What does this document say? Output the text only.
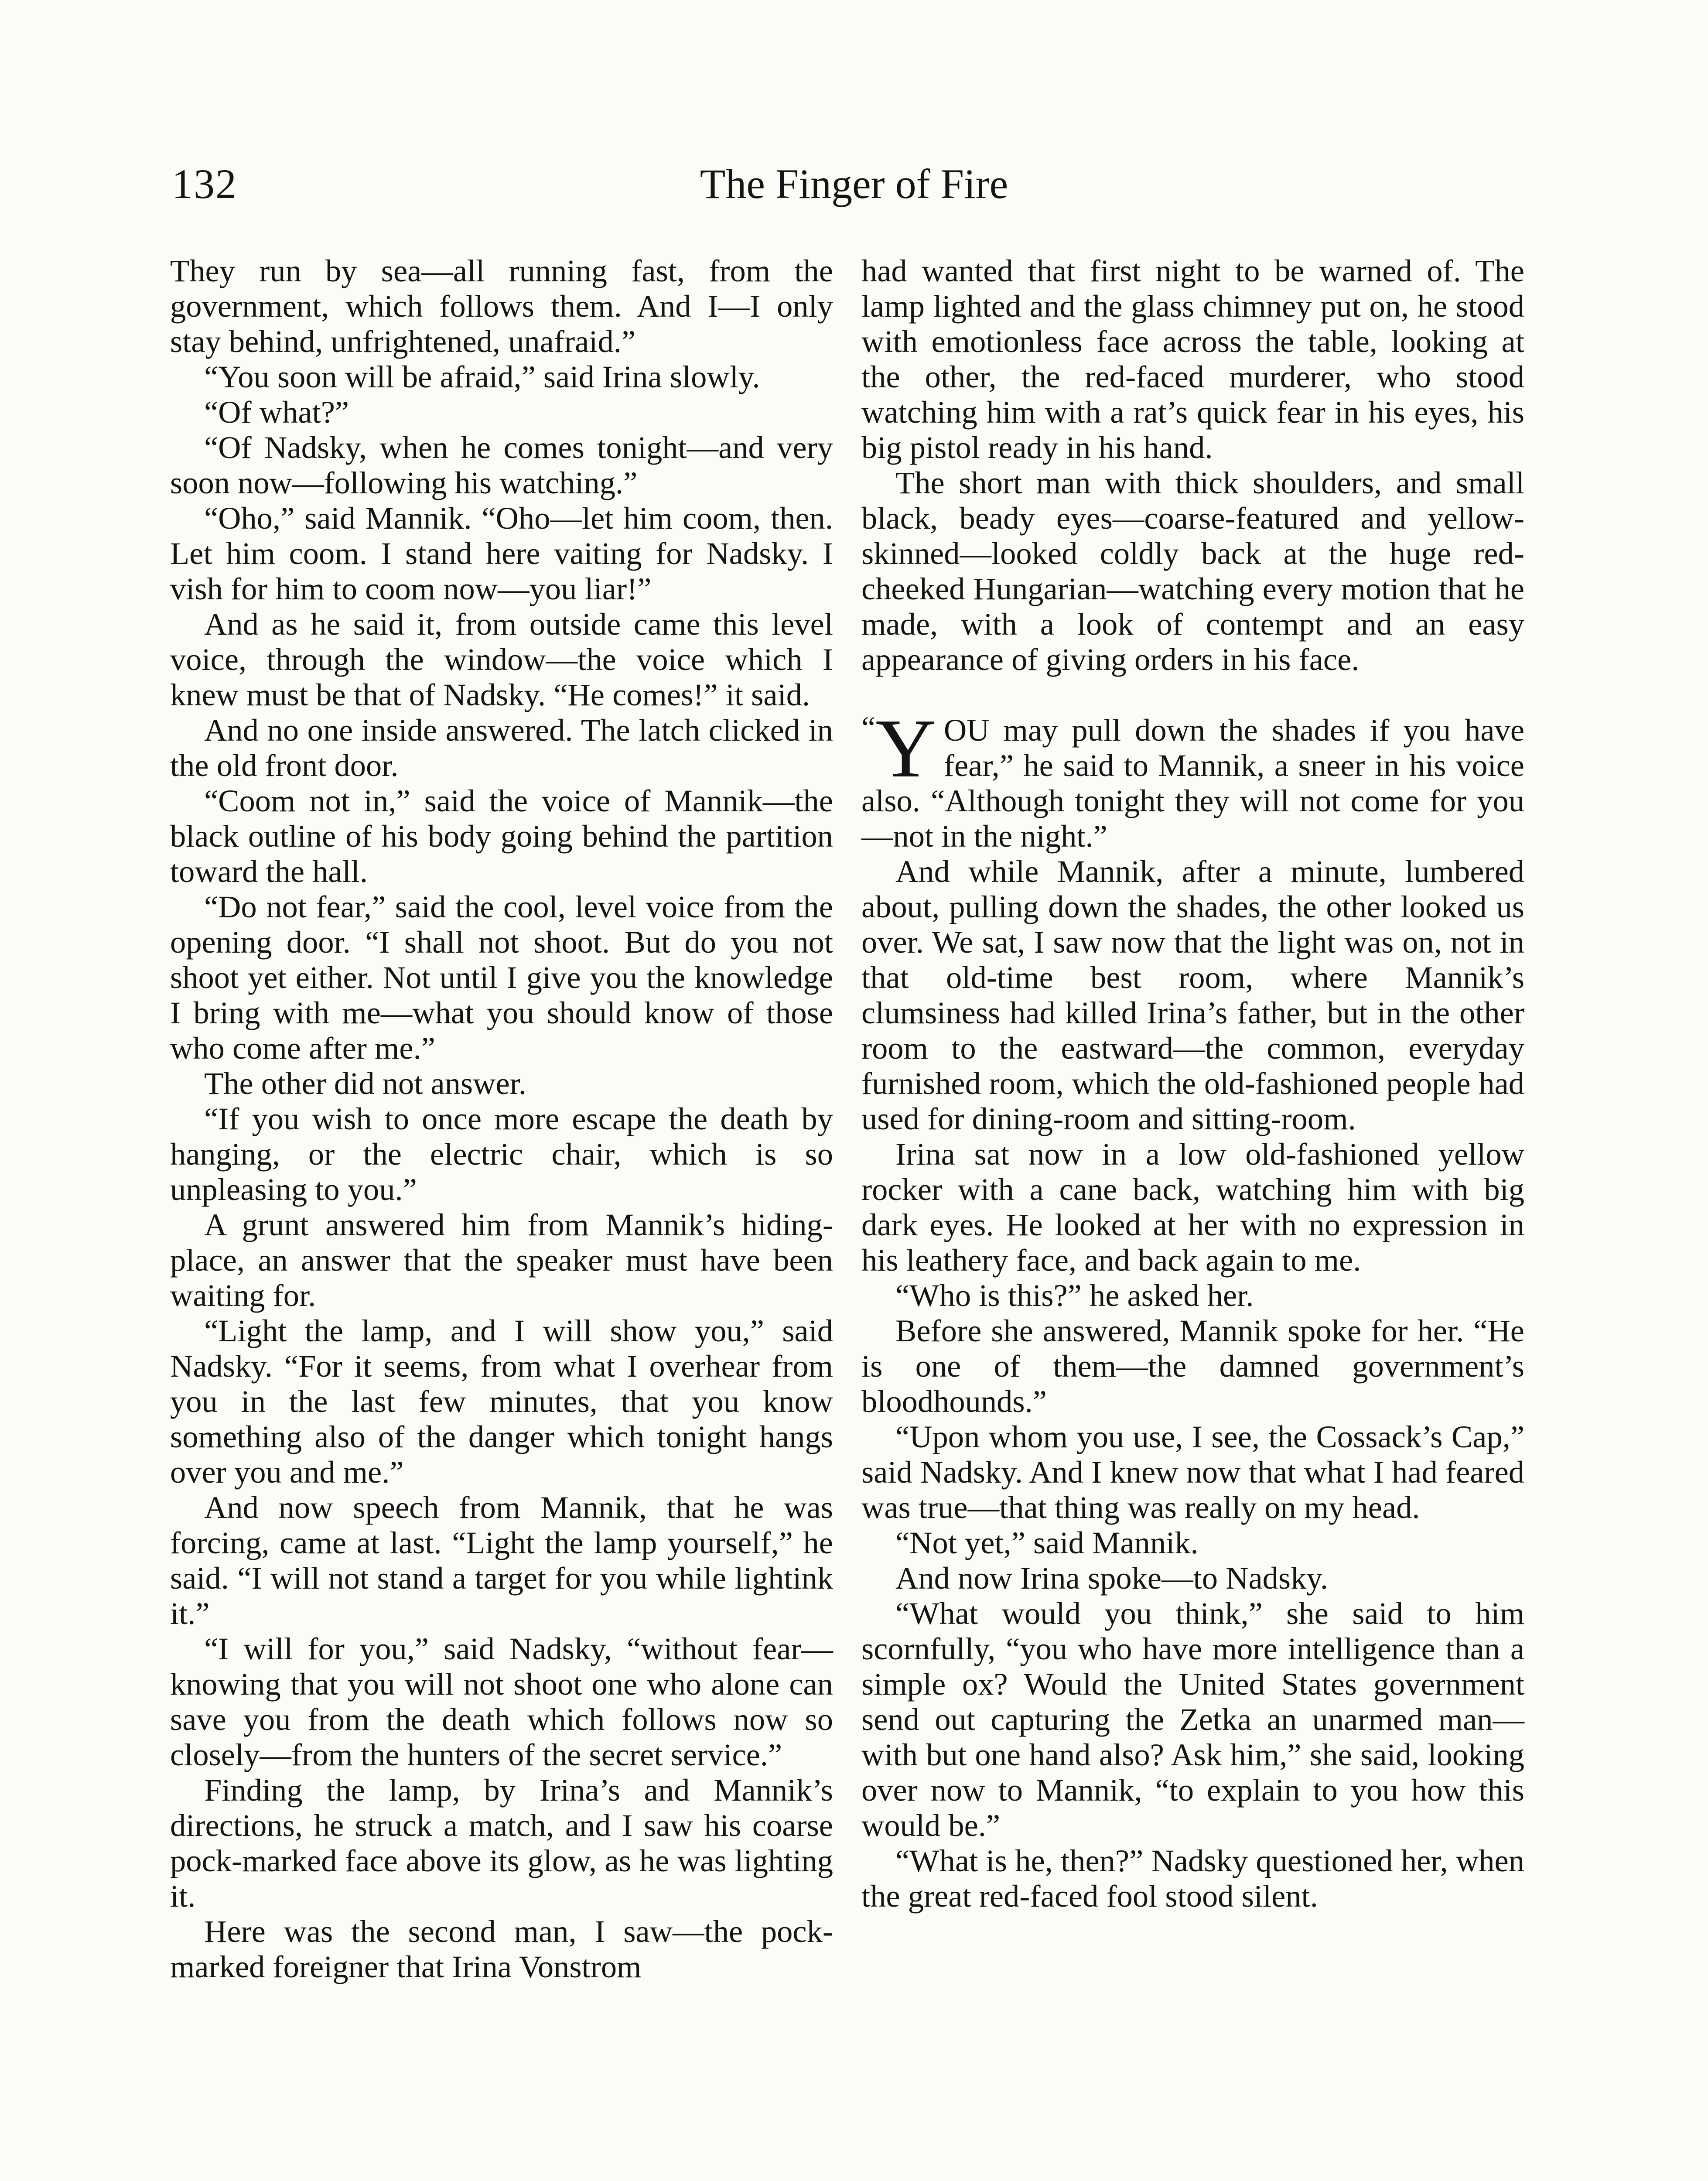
132	The Finger of Fire

They run by sea—all running fast, from the government, which follows them. And I—I only stay behind, unfrightened, unafraid.”

“You soon will be afraid,” said Irina slowly.

“Of what?”

“Of Nadsky, when he comes tonight—and very soon now—following his watching.”

“Oho,” said Mannik. “Oho—let him coom, then. Let him coom. I stand here vaiting for Nadsky. I vish for him to coom now—you liar!”

And as he said it, from outside came this level voice, through the window—the voice which I knew must be that of Nadsky. “He comes!” it said.

And no one inside answered. The latch clicked in the old front door.

“Coom not in,” said the voice of Mannik—the black outline of his body going behind the partition toward the hall.

“Do not fear,” said the cool, level voice from the opening door. “I shall not shoot. But do you not shoot yet either. Not until I give you the knowledge I bring with me—what you should know of those who come after me.”

The other did not answer.

“If you wish to once more escape the death by hanging, or the electric chair, which is so unpleasing to you.”

A grunt answered him from Mannik’s hiding-place, an answer that the speaker must have been waiting for.

“Light the lamp, and I will show you,” said Nadsky. “For it seems, from what I overhear from you in the last few minutes, that you know something also of the danger which tonight hangs over you and me.”

And now speech from Mannik, that he was forcing, came at last. “Light the lamp yourself,” he said. “I will not stand a target for you while lightink it.”

“I will for you,” said Nadsky, “without fear—knowing that you will not shoot one who alone can save you from the death which follows now so closely—from the hunters of the secret service.”

Finding the lamp, by Irina’s and Mannik’s directions, he struck a match, and I saw his coarse pock-marked face above its glow, as he was lighting it.

Here was the second man, I saw—the pock-marked foreigner that Irina Vonstrom

had wanted that first night to be warned of. The lamp lighted and the glass chimney put on, he stood with emotionless face across the table, looking at the other, the red-faced murderer, who stood watching him with a rat’s quick fear in his eyes, his big pistol ready in his hand.

The short man with thick shoulders, and small black, beady eyes—coarse-featured and yellow-skinned—looked coldly back at the huge red-cheeked Hungarian—watching every motion that he made, with a look of contempt and an easy appearance of giving orders in his face.

“ Y OU may pull down the shades if you have fear,” he said to Mannik, a sneer in his voice also. “Although tonight they will not come for you—not in the night.”

And while Mannik, after a minute, lumbered about, pulling down the shades, the other looked us over. We sat, I saw now that the light was on, not in that old-time best room, where Mannik’s clumsiness had killed Irina’s father, but in the other room to the eastward—the common, everyday furnished room, which the old-fashioned people had used for dining-room and sitting-room.

Irina sat now in a low old-fashioned yellow rocker with a cane back, watching him with big dark eyes. He looked at her with no expression in his leathery face, and back again to me.

“Who is this?” he asked her.

Before she answered, Mannik spoke for her. “He is one of them—the damned government’s bloodhounds.”

“Upon whom you use, I see, the Cossack’s Cap,” said Nadsky. And I knew now that what I had feared was true—that thing was really on my head.

“Not yet,” said Mannik.

And now Irina spoke—to Nadsky.

“What would you think,” she said to him scornfully, “you who have more intelligence than a simple ox? Would the United States government send out capturing the Zetka an unarmed man—with but one hand also? Ask him,” she said, looking over now to Mannik, “to explain to you how this would be.”

“What is he, then?” Nadsky questioned her, when the great red-faced fool stood silent.
